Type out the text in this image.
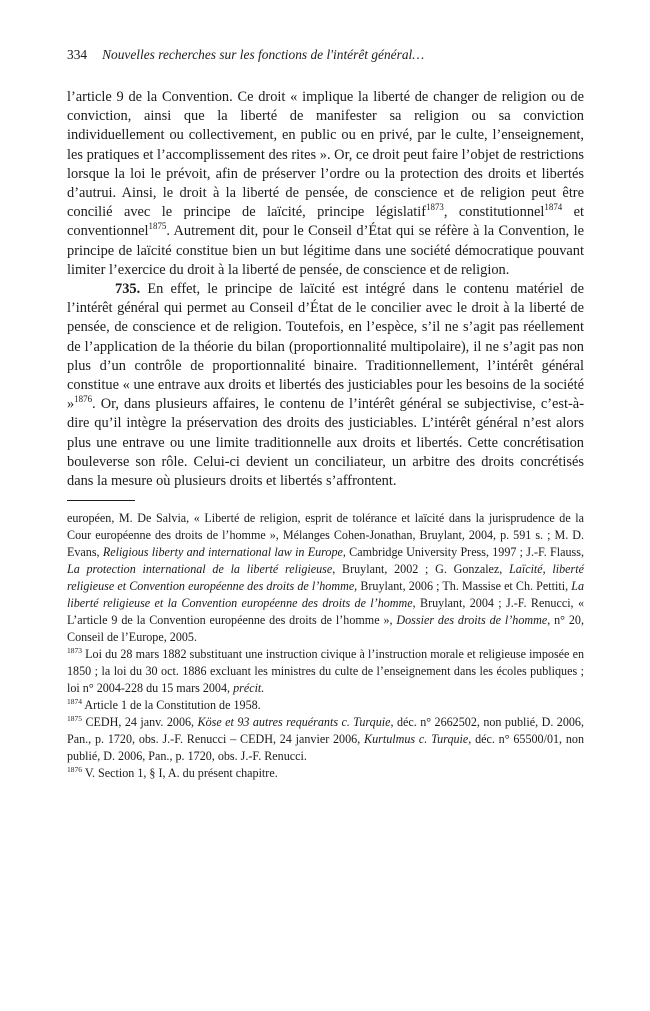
334 Nouvelles recherches sur les fonctions de l'intérêt général…

l’article 9 de la Convention. Ce droit « implique la liberté de changer de religion ou de conviction, ainsi que la liberté de manifester sa religion ou sa conviction individuellement ou collectivement, en public ou en privé, par le culte, l’enseignement, les pratiques et l’accomplissement des rites ». Or, ce droit peut faire l’objet de restrictions lorsque la loi le prévoit, afin de préserver l’ordre ou la protection des droits et libertés d’autrui. Ainsi, le droit à la liberté de pensée, de conscience et de religion peut être concilié avec le principe de laïcité, principe législatif$^{1873}$, constitutionnel$^{1874}$ et conventionnel$^{1875}$. Autrement dit, pour le Conseil d’État qui se réfère à la Convention, le principe de laïcité constitue bien un but légitime dans une société démocratique pouvant limiter l’exercice du droit à la liberté de pensée, de conscience et de religion.

735. En effet, le principe de laïcité est intégré dans le contenu matériel de l’intérêt général qui permet au Conseil d’État de le concilier avec le droit à la liberté de pensée, de conscience et de religion. Toutefois, en l’espèce, s’il ne s’agit pas réellement de l’application de la théorie du bilan (proportionnalité multipolaire), il ne s’agit pas non plus d’un contrôle de proportionnalité binaire. Traditionnellement, l’intérêt général constitue « une entrave aux droits et libertés des justiciables pour les besoins de la société »$^{1876}$. Or, dans plusieurs affaires, le contenu de l’intérêt général se subjectivise, c’est-à-dire qu’il intègre la préservation des droits des justiciables. L’intérêt général n’est alors plus une entrave ou une limite traditionnelle aux droits et libertés. Cette concrétisation bouleverse son rôle. Celui-ci devient un conciliateur, un arbitre des droits concrétisés dans la mesure où plusieurs droits et libertés s’affrontent.

européen, M. De Salvia, « Liberté de religion, esprit de tolérance et laïcité dans la jurisprudence de la Cour européenne des droits de l’homme », Mélanges Cohen-Jonathan, Bruylant, 2004, p. 591 s. ; M. D. Evans, Religious liberty and international law in Europe, Cambridge University Press, 1997 ; J.-F. Flauss, La protection international de la liberté religieuse, Bruylant, 2002 ; G. Gonzalez, Laïcité, liberté religieuse et Convention européenne des droits de l’homme, Bruylant, 2006 ; Th. Massise et Ch. Pettiti, La liberté religieuse et la Convention européenne des droits de l’homme, Bruylant, 2004 ; J.-F. Renucci, « L’article 9 de la Convention européenne des droits de l’homme », Dossier des droits de l’homme, n° 20, Conseil de l’Europe, 2005.

$^{1873}$ Loi du 28 mars 1882 substituant une instruction civique à l’instruction morale et religieuse imposée en 1850 ; la loi du 30 oct. 1886 excluant les ministres du culte de l’enseignement dans les écoles publiques ; loi n° 2004-228 du 15 mars 2004, précit.

$^{1874}$ Article 1 de la Constitution de 1958.

$^{1875}$ CEDH, 24 janv. 2006, Köse et 93 autres requérants c. Turquie, déc. n° 2662502, non publié, D. 2006, Pan., p. 1720, obs. J.-F. Renucci – CEDH, 24 janvier 2006, Kurtulmus c. Turquie, déc. n° 65500/01, non publié, D. 2006, Pan., p. 1720, obs. J.-F. Renucci.

$^{1876}$ V. Section 1, § I, A. du présent chapitre.
